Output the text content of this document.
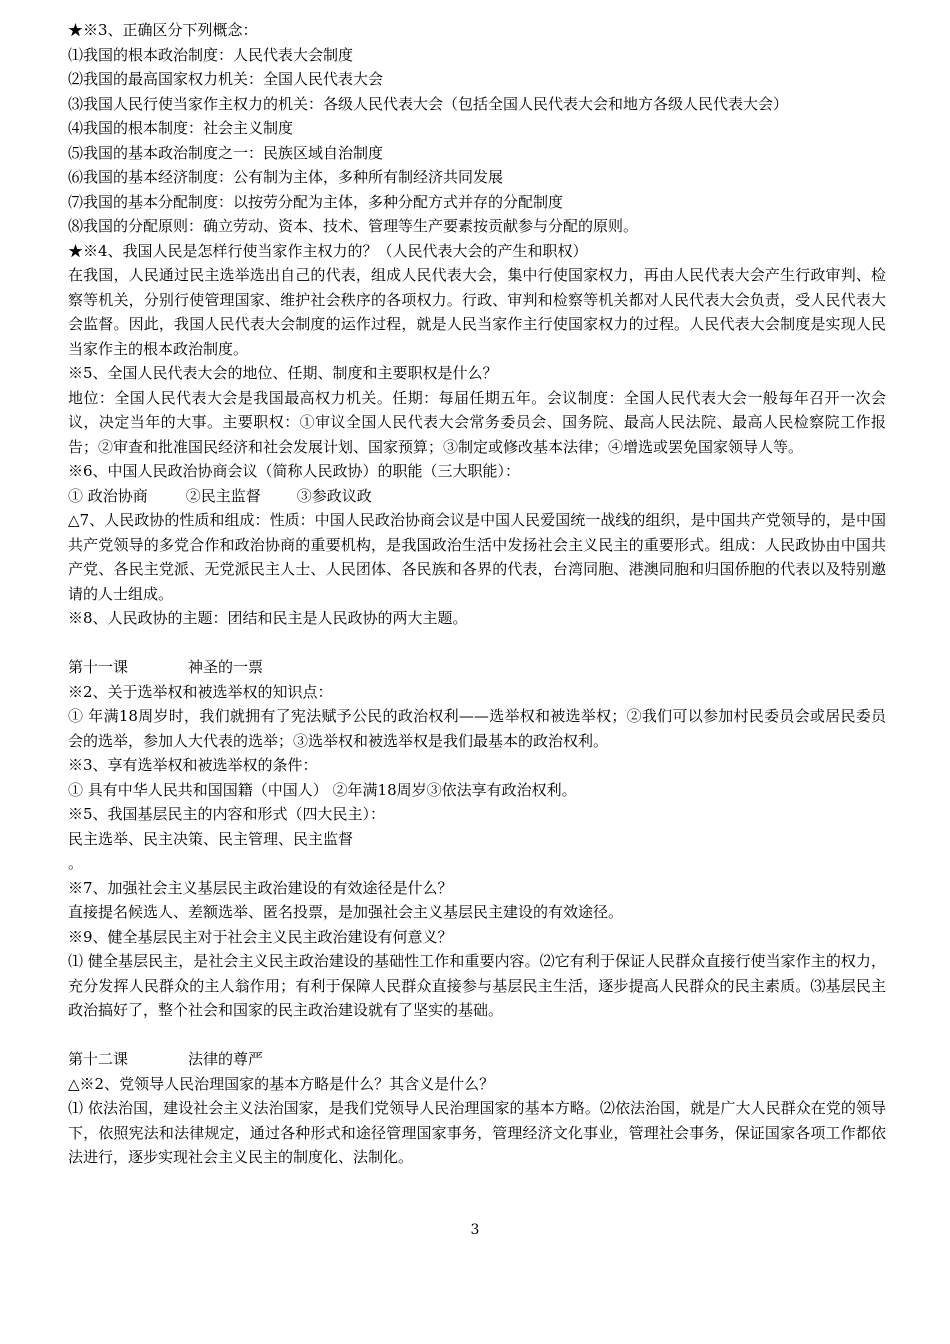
★※3、正确区分下列概念：

⑴我国的根本政治制度：人民代表大会制度

⑵我国的最高国家权力机关：全国人民代表大会

⑶我国人民行使当家作主权力的机关：各级人民代表大会（包括全国人民代表大会和地方各级人民代表大会）

⑷我国的根本制度：社会主义制度

⑸我国的基本政治制度之一：民族区域自治制度

⑹我国的基本经济制度：公有制为主体，多种所有制经济共同发展

⑺我国的基本分配制度：以按劳分配为主体，多种分配方式并存的分配制度

⑻我国的分配原则：确立劳动、资本、技术、管理等生产要素按贡献参与分配的原则。

★※4、我国人民是怎样行使当家作主权力的？（人民代表大会的产生和职权）

在我国，人民通过民主选举选出自己的代表，组成人民代表大会，集中行使国家权力，再由人民代表大会产生行政审判、检察等机关，分别行使管理国家、维护社会秩序的各项权力。行政、审判和检察等机关都对人民代表大会负责，受人民代表大会监督。因此，我国人民代表大会制度的运作过程，就是人民当家作主行使国家权力的过程。人民代表大会制度是实现人民当家作主的根本政治制度。

※5、全国人民代表大会的地位、任期、制度和主要职权是什么？

地位：全国人民代表大会是我国最高权力机关。任期：每届任期五年。会议制度：全国人民代表大会一般每年召开一次会议，决定当年的大事。主要职权：①审议全国人民代表大会常务委员会、国务院、最高人民法院、最高人民检察院工作报告；②审查和批准国民经济和社会发展计划、国家预算；③制定或修改基本法律；④增选或罢免国家领导人等。

※6、中国人民政治协商会议（简称人民政协）的职能（三大职能）：

① 政治协商	②民主监督 ③参政议政

△7、人民政协的性质和组成：性质：中国人民政治协商会议是中国人民爱国统一战线的组织，是中国共产党领导的，是中国共产党领导的多党合作和政治协商的重要机构，是我国政治生活中发扬社会主义民主的重要形式。组成：人民政协由中国共产党、各民主党派、无党派民主人士、人民团体、各民族和各界的代表，台湾同胞、港澳同胞和归国侨胞的代表以及特别邀请的人士组成。

※8、人民政协的主题：团结和民主是人民政协的两大主题。

第十一课	神圣的一票

※2、关于选举权和被选举权的知识点：

① 年满18周岁时，我们就拥有了宪法赋予公民的政治权利——选举权和被选举权；②我们可以参加村民委员会或居民委员会的选举，参加人大代表的选举；③选举权和被选举权是我们最基本的政治权利。

※3、享有选举权和被选举权的条件：

① 具有中华人民共和国国籍（中国人） ②年满18周岁③依法享有政治权利。

※5、我国基层民主的内容和形式（四大民主）：

民主选举、民主决策、民主管理、民主监督

。

※7、加强社会主义基层民主政治建设的有效途径是什么？

直接提名候选人、差额选举、匿名投票，是加强社会主义基层民主建设的有效途径。

※9、健全基层民主对于社会主义民主政治建设有何意义？

⑴ 健全基层民主，是社会主义民主政治建设的基础性工作和重要内容。⑵它有利于保证人民群众直接行使当家作主的权力，充分发挥人民群众的主人翁作用；有利于保障人民群众直接参与基层民主生活，逐步提高人民群众的民主素质。⑶基层民主政治搞好了，整个社会和国家的民主政治建设就有了坚实的基础。

第十二课	法律的尊严

△※2、党领导人民治理国家的基本方略是什么？其含义是什么？

⑴ 依法治国，建设社会主义法治国家，是我们党领导人民治理国家的基本方略。⑵依法治国，就是广大人民群众在党的领导下，依照宪法和法律规定，通过各种形式和途径管理国家事务，管理经济文化事业，管理社会事务，保证国家各项工作都依法进行，逐步实现社会主义民主的制度化、法制化。

3
